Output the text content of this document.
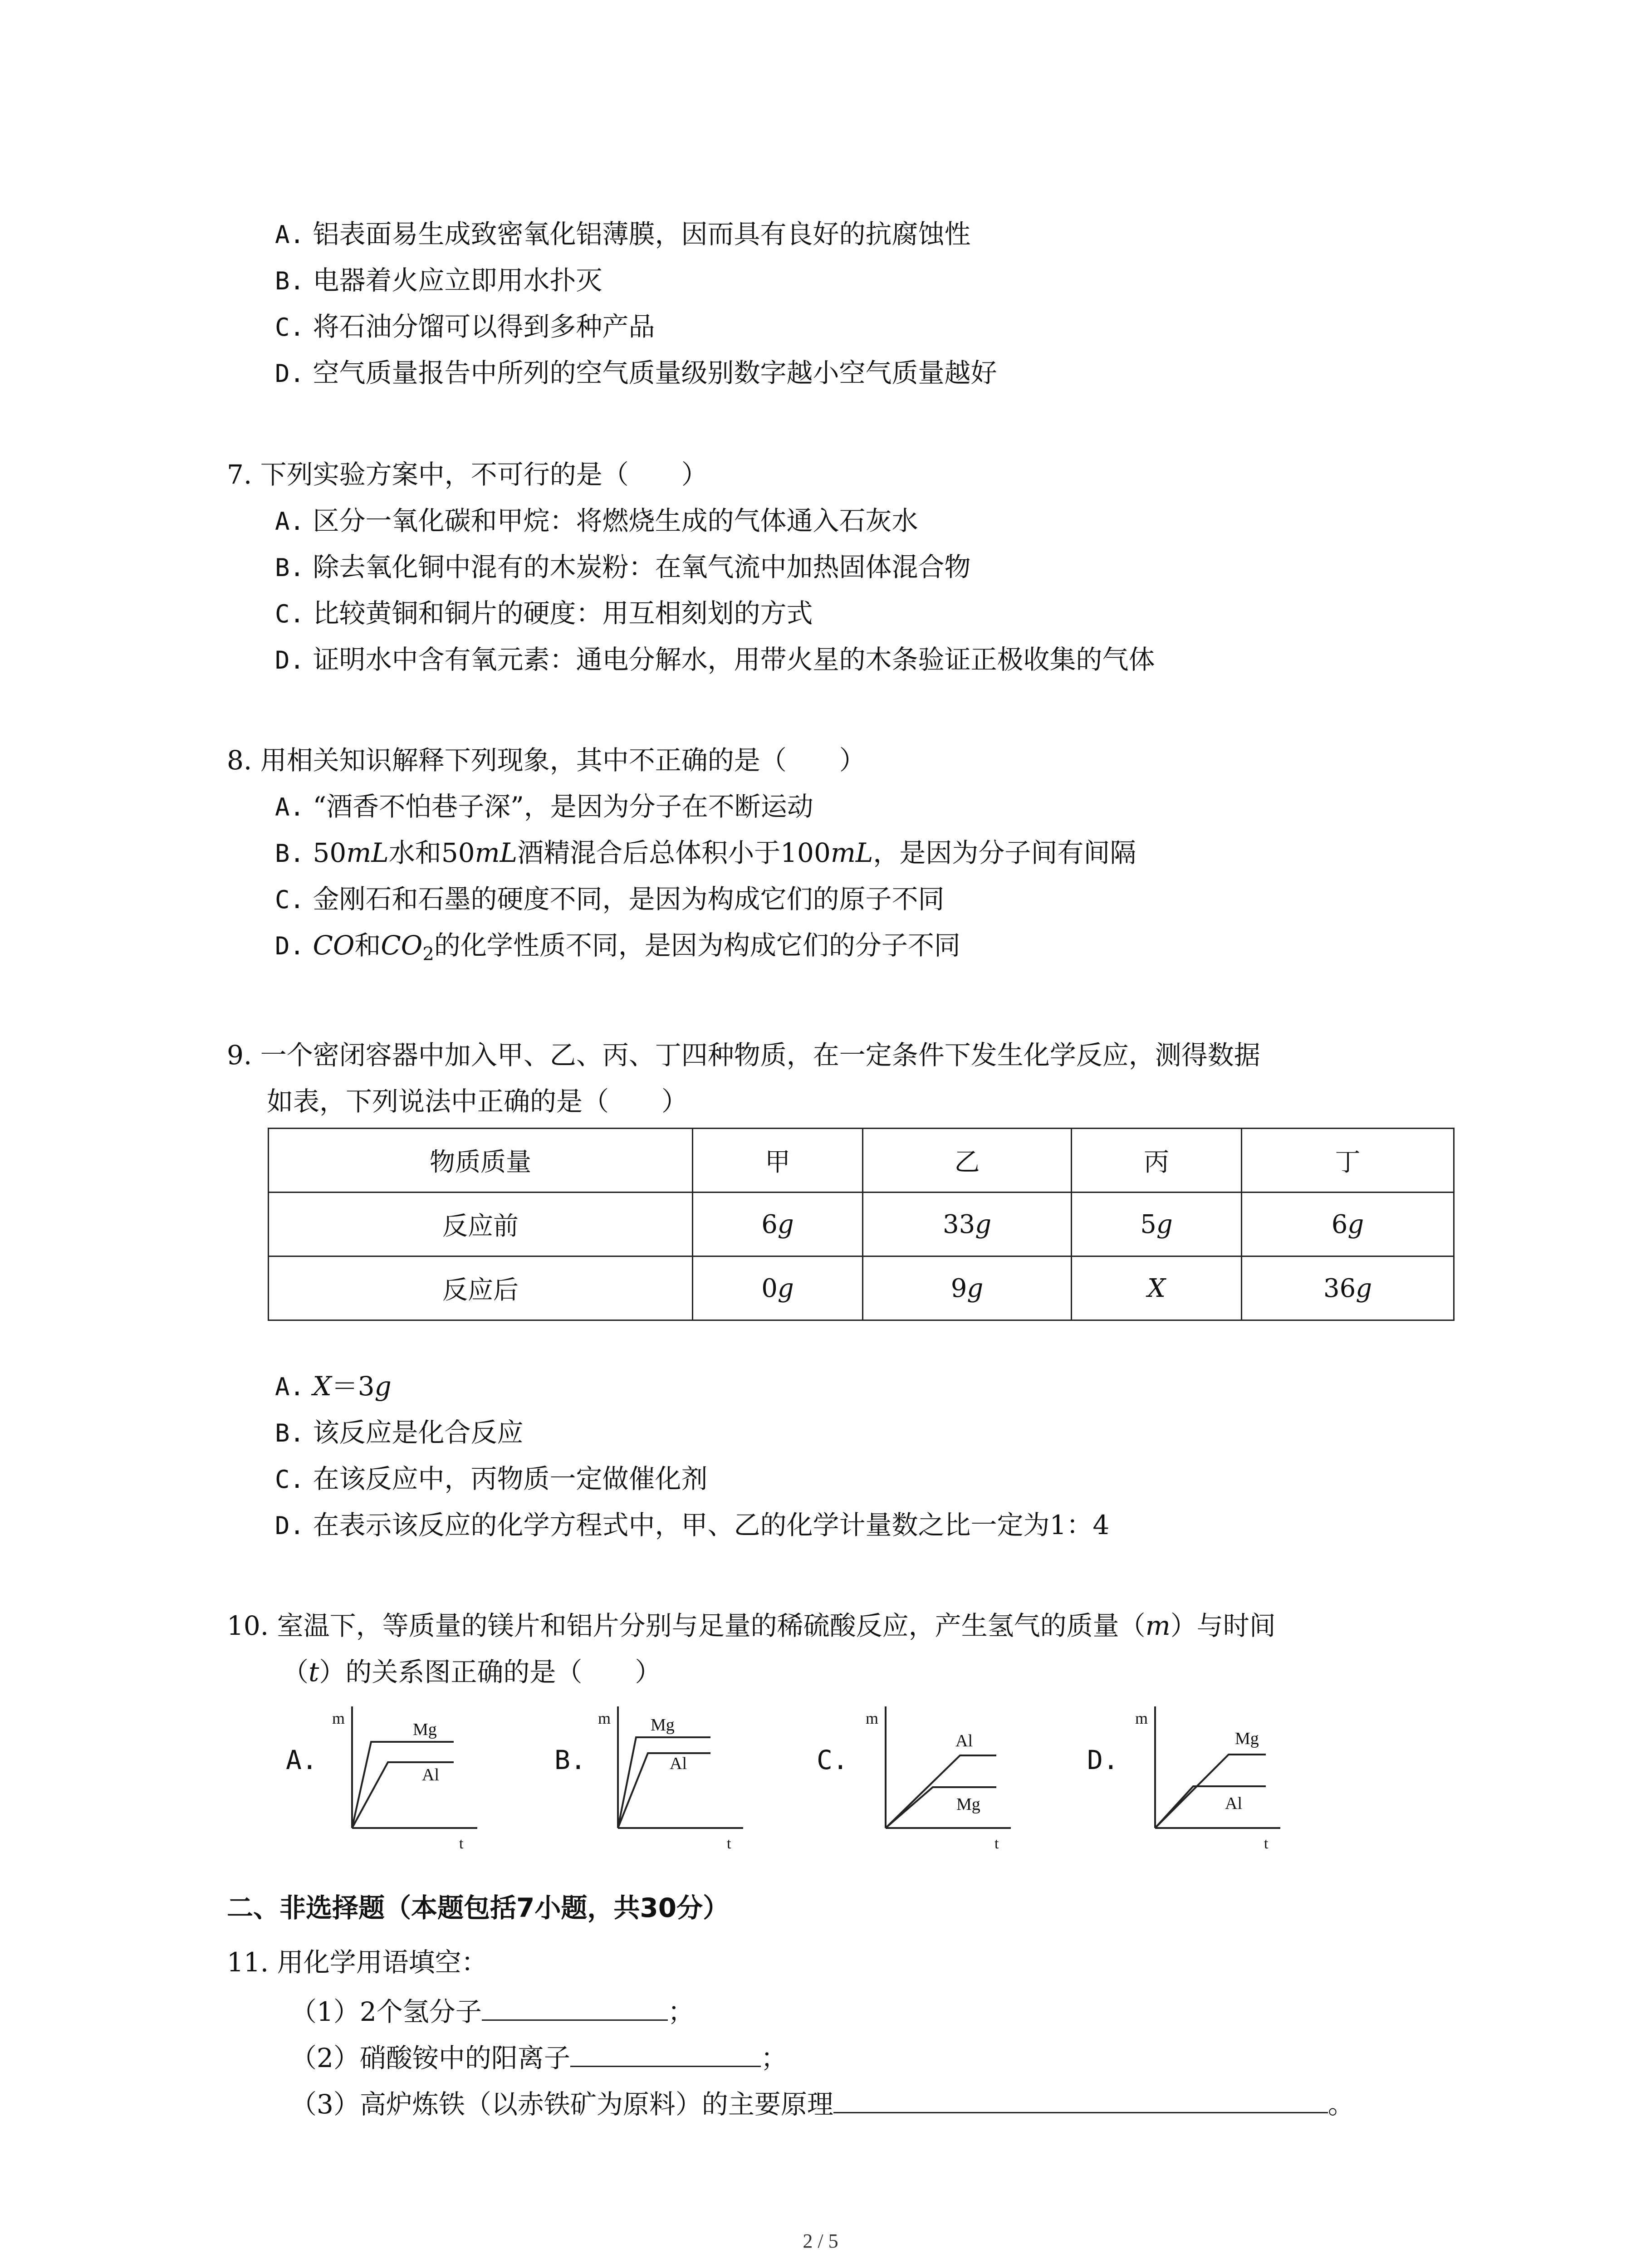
A. 铝表面易生成致密氧化铝薄膜，因而具有良好的抗腐蚀性
B. 电器着火应立即用水扑灭
C. 将石油分馏可以得到多种产品
D. 空气质量报告中所列的空气质量级别数字越小空气质量越好
7. 下列实验方案中，不可行的是（　　）
A. 区分一氧化碳和甲烷：将燃烧生成的气体通入石灰水
B. 除去氧化铜中混有的木炭粉：在氧气流中加热固体混合物
C. 比较黄铜和铜片的硬度：用互相刻划的方式
D. 证明水中含有氧元素：通电分解水，用带火星的木条验证正极收集的气体
8. 用相关知识解释下列现象，其中不正确的是（　　）
A. “酒香不怕巷子深”，是因为分子在不断运动
B. 50mL水和50mL酒精混合后总体积小于100mL，是因为分子间有间隔
C. 金刚石和石墨的硬度不同，是因为构成它们的原子不同
D. CO和$CO_2$的化学性质不同，是因为构成它们的分子不同
9. 一个密闭容器中加入甲、乙、丙、丁四种物质，在一定条件下发生化学反应，测得数据
如表，下列说法中正确的是（　　）
物质质量	甲	乙	丙	丁
反应前	6g	33g	5g	6g
反应后	0g	9g	X	36g
A. X＝3g
B. 该反应是化合反应
C. 在该反应中，丙物质一定做催化剂
D. 在表示该反应的化学方程式中，甲、乙的化学计量数之比一定为1：4
10. 室温下，等质量的镁片和铝片分别与足量的稀硫酸反应，产生氢气的质量（m）与时间
（t）的关系图正确的是（　　）
A.
m
t
Mg
Al	B.
m
t
Mg
Al	C.
m
t
Al
Mg
D.
m
t
Mg
Al
二、非选择题（本题包括7小题，共30分）
11. 用化学用语填空：
（1）2个氢分子	；
（2）硝酸铵中的阳离子	；
（3）高炉炼铁（以赤铁矿为原料）的主要原理	。
2 / 5
